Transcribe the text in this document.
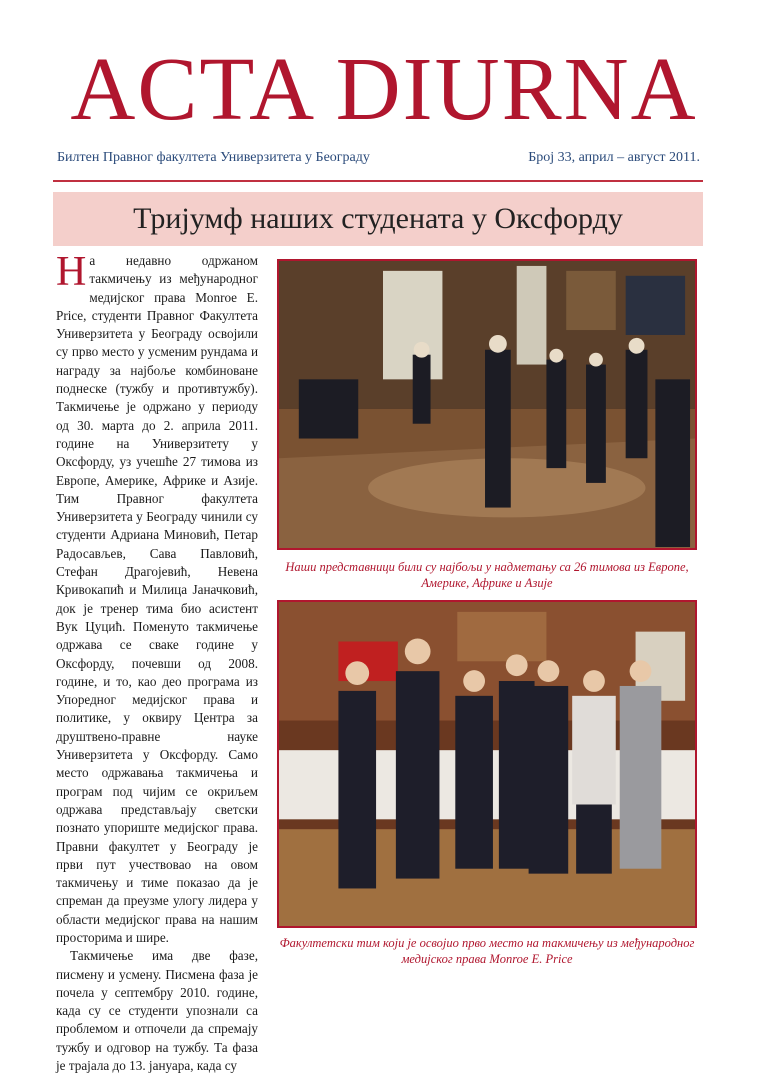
ACTA DIURNA
Билтен Правног факултета Универзитета у Београду	Број 33, април – август 2011.
Тријумф наших студената у Оксфорду

На недавно одржаном такмичењу из међународног медијског права Monroe E. Price, студенти Правног Факултета Универзитета у Београду освојили су прво место у усменим рундама и награду за најбоље комбиноване поднеске (тужбу и противтужбу). Такмичење је одржано у периоду од 30. марта до 2. априла 2011. године на Универзитету у Оксфорду, уз учешће 27 тимова из Европе, Америке, Африке и Азије. Тим Правног факултета Универзитета у Београду чинили су студенти Адриана Миновић, Петар Радосављев, Сава Павловић, Стефан Драгојевић, Невена Кривокапић и Милица Јаначковић, док је тренер тима био асистент Вук Цуцић. Поменуто такмичење одржава се сваке године у Оксфорду, почевши од 2008. године, и то, као део програма из Упоредног медијског права и политике, у оквиру Центра за друштвено-правне науке Универзитета у Оксфорду. Само место одржавања такмичења и програм под чијим се окриљем одржава представљају светски познато упориште медијског права. Правни факултет у Београду је први пут учествовао на овом такмичењу и тиме показао да је спреман да преузме улогу лидера у области медијског права на нашим просторима и шире.

Такмичење има две фазе, писмену и усмену. Писмена фаза је почела у септембру 2010. године, када су се студенти упознали са проблемом и отпочели да спремају тужбу и одговор на тужбу. Та фаза је трајала до 13. јануара, када су

Наши представници били су најбољи у надметању са 26 тимова из Европе, Америке, Африке и Азије
Факултетски тим који је освојио прво место на такмичењу из међународног медијског права Monroe E. Price
